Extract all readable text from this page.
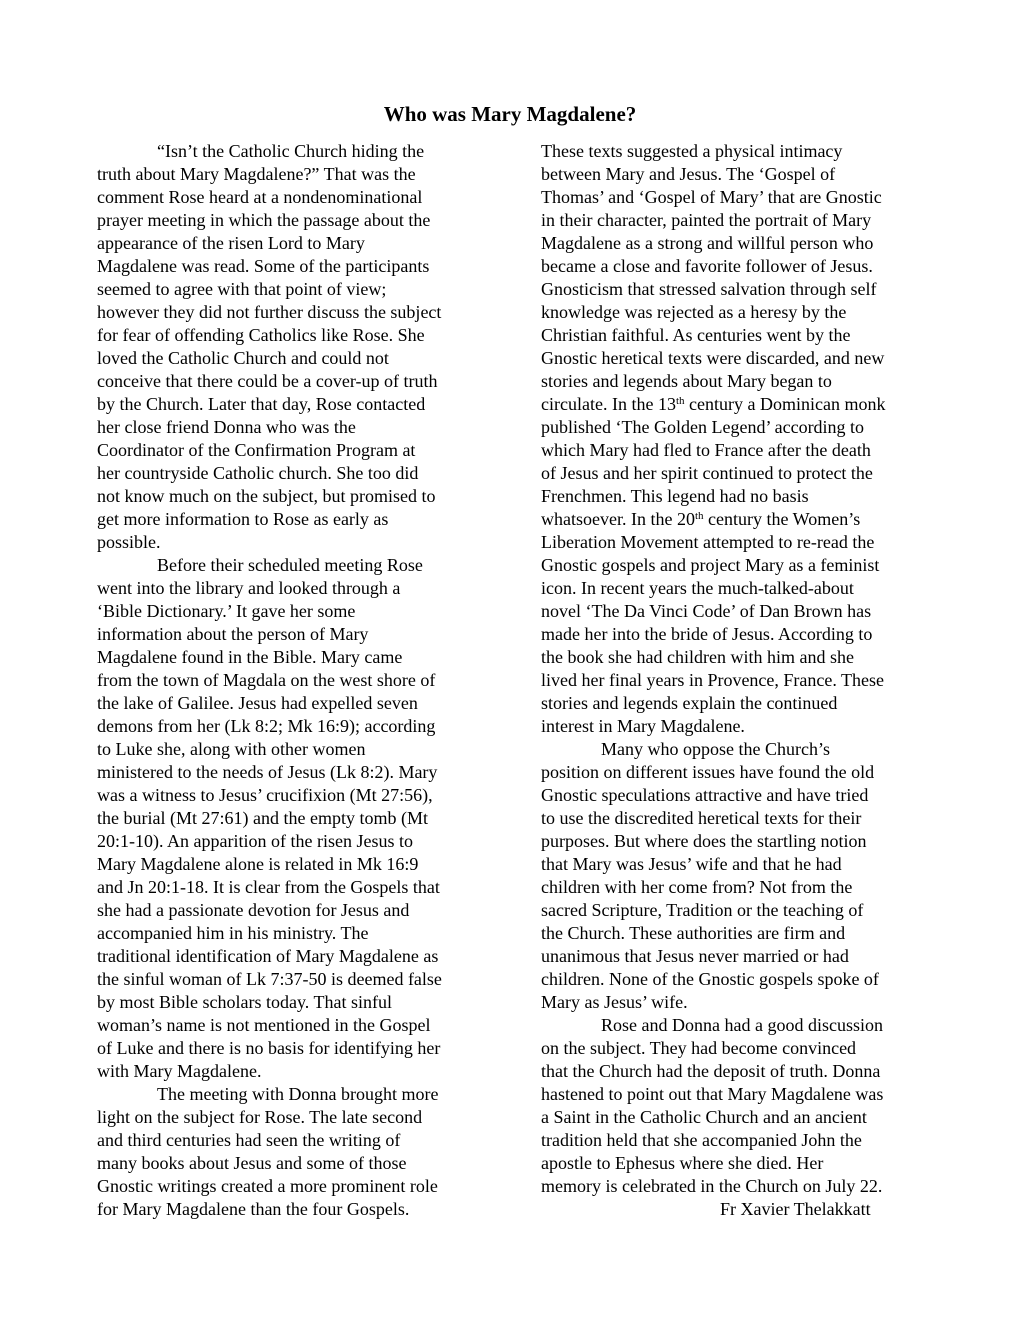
Who was Mary Magdalene?
“Isn’t the Catholic Church hiding the
truth about Mary Magdalene?” That was the
comment Rose heard at a nondenominational
prayer meeting in which the passage about the
appearance of the risen Lord to Mary
Magdalene was read. Some of the participants
seemed to agree with that point of view;
however they did not further discuss the subject
for fear of offending Catholics like Rose. She
loved the Catholic Church and could not
conceive that there could be a cover-up of truth
by the Church. Later that day, Rose contacted
her close friend Donna who was the
Coordinator of the Confirmation Program at
her countryside Catholic church. She too did
not know much on the subject, but promised to
get more information to Rose as early as
possible.
Before their scheduled meeting Rose
went into the library and looked through a
‘Bible Dictionary.’ It gave her some
information about the person of Mary
Magdalene found in the Bible. Mary came
from the town of Magdala on the west shore of
the lake of Galilee. Jesus had expelled seven
demons from her (Lk 8:2; Mk 16:9); according
to Luke she, along with other women
ministered to the needs of Jesus (Lk 8:2). Mary
was a witness to Jesus’ crucifixion (Mt 27:56),
the burial (Mt 27:61) and the empty tomb (Mt
20:1-10). An apparition of the risen Jesus to
Mary Magdalene alone is related in Mk 16:9
and Jn 20:1-18. It is clear from the Gospels that
she had a passionate devotion for Jesus and
accompanied him in his ministry. The
traditional identification of Mary Magdalene as
the sinful woman of Lk 7:37-50 is deemed false
by most Bible scholars today. That sinful
woman’s name is not mentioned in the Gospel
of Luke and there is no basis for identifying her
with Mary Magdalene.
The meeting with Donna brought more
light on the subject for Rose. The late second
and third centuries had seen the writing of
many books about Jesus and some of those
Gnostic writings created a more prominent role
for Mary Magdalene than the four Gospels.
These texts suggested a physical intimacy
between Mary and Jesus. The ‘Gospel of
Thomas’ and ‘Gospel of Mary’ that are Gnostic
in their character, painted the portrait of Mary
Magdalene as a strong and willful person who
became a close and favorite follower of Jesus.
Gnosticism that stressed salvation through self
knowledge was rejected as a heresy by the
Christian faithful. As centuries went by the
Gnostic heretical texts were discarded, and new
stories and legends about Mary began to
circulate. In the 13th century a Dominican monk
published ‘The Golden Legend’ according to
which Mary had fled to France after the death
of Jesus and her spirit continued to protect the
Frenchmen. This legend had no basis
whatsoever. In the 20th century the Women’s
Liberation Movement attempted to re-read the
Gnostic gospels and project Mary as a feminist
icon. In recent years the much-talked-about
novel ‘The Da Vinci Code’ of Dan Brown has
made her into the bride of Jesus. According to
the book she had children with him and she
lived her final years in Provence, France. These
stories and legends explain the continued
interest in Mary Magdalene.
Many who oppose the Church’s
position on different issues have found the old
Gnostic speculations attractive and have tried
to use the discredited heretical texts for their
purposes. But where does the startling notion
that Mary was Jesus’ wife and that he had
children with her come from? Not from the
sacred Scripture, Tradition or the teaching of
the Church. These authorities are firm and
unanimous that Jesus never married or had
children. None of the Gnostic gospels spoke of
Mary as Jesus’ wife.
Rose and Donna had a good discussion
on the subject. They had become convinced
that the Church had the deposit of truth. Donna
hastened to point out that Mary Magdalene was
a Saint in the Catholic Church and an ancient
tradition held that she accompanied John the
apostle to Ephesus where she died. Her
memory is celebrated in the Church on July 22.
Fr Xavier Thelakkatt
